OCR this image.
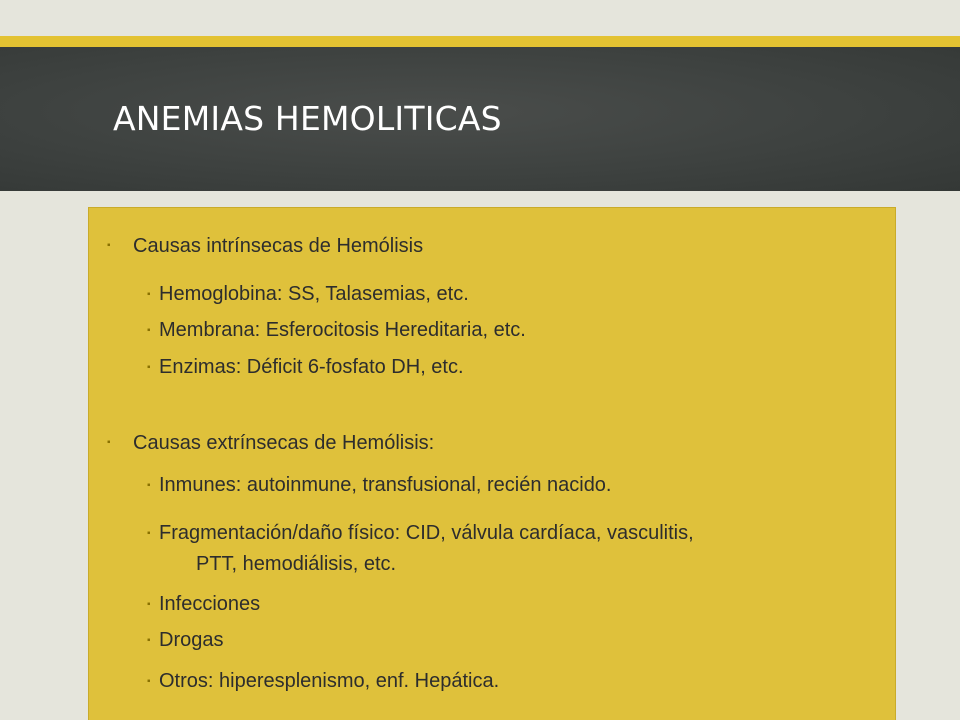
ANEMIAS HEMOLITICAS
▪ Causas intrínsecas de Hemólisis
▪ Hemoglobina: SS, Talasemias, etc.
▪ Membrana: Esferocitosis Hereditaria, etc.
▪ Enzimas: Déficit 6-fosfato DH, etc.
▪ Causas extrínsecas de Hemólisis:
▪ Inmunes: autoinmune, transfusional, recién nacido.
▪ Fragmentación/daño físico: CID, válvula cardíaca, vasculitis,
PTT, hemodiálisis, etc.
▪ Infecciones
▪ Drogas
▪ Otros: hiperesplenismo, enf. Hepática.
